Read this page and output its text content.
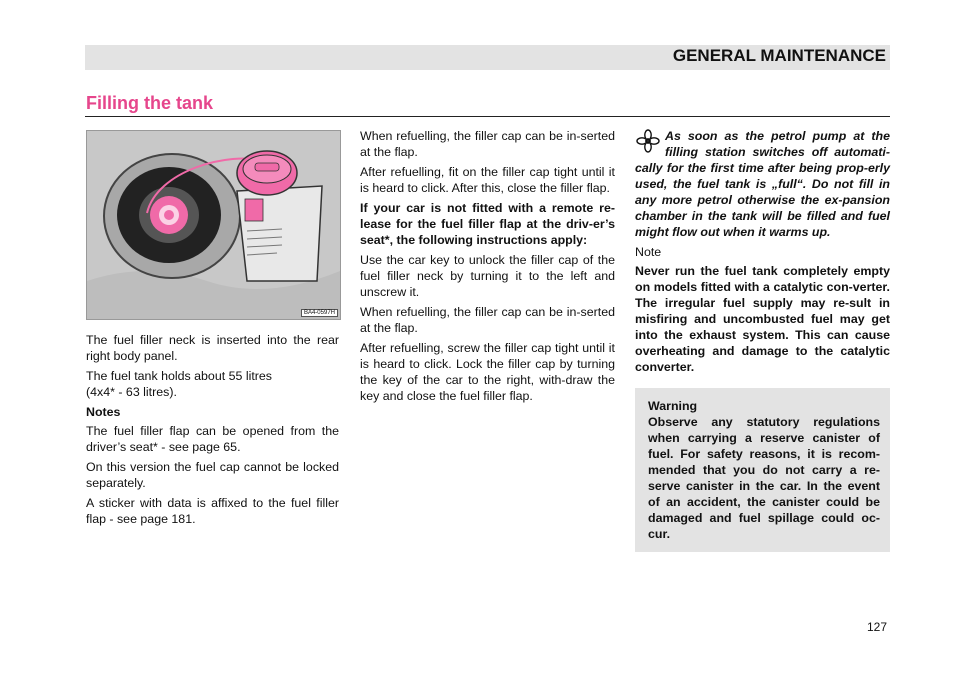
GENERAL MAINTENANCE
Filling the tank
BA4-0597H

The fuel filler neck is inserted into the rear right body panel.

The fuel tank holds about 55 litres
(4x4* - 63 litres).

Notes

The fuel filler flap can be opened from the driver’s seat* - see page 65.

On this version the fuel cap cannot be locked separately.

A sticker with data is affixed to the fuel filler flap - see page 181.

When refuelling, the filler cap can be in-serted at the flap.

After refuelling, fit on the filler cap tight until it is heard to click. After this, close the filler flap.

If your car is not fitted with a remote re-lease for the fuel filler flap at the driv-er’s seat*, the following instructions apply:

Use the car key to unlock the filler cap of the fuel filler neck by turning it to the left and unscrew it.

When refuelling, the filler cap can be in-serted at the flap.

After refuelling, screw the filler cap tight until it is heard to click. Lock the filler cap by turning the key of the car to the right, with-draw the key and close the fuel filler flap.

As soon as the petrol pump at the filling station switches off automati-cally for the first time after being prop-erly used, the fuel tank is „full“. Do not fill in any more petrol otherwise the ex-pansion chamber in the tank will be filled and fuel might flow out when it warms up.

Note

Never run the fuel tank completely empty on models fitted with a catalytic con-verter. The irregular fuel supply may re-sult in misfiring and uncombusted fuel may get into the exhaust system. This can cause overheating and damage to the catalytic converter.

Warning
Observe any statutory regulations when carrying a reserve canister of fuel. For safety reasons, it is recom-mended that you do not carry a re-serve canister in the car. In the event of an accident, the canister could be damaged and fuel spillage could oc-cur.
127
